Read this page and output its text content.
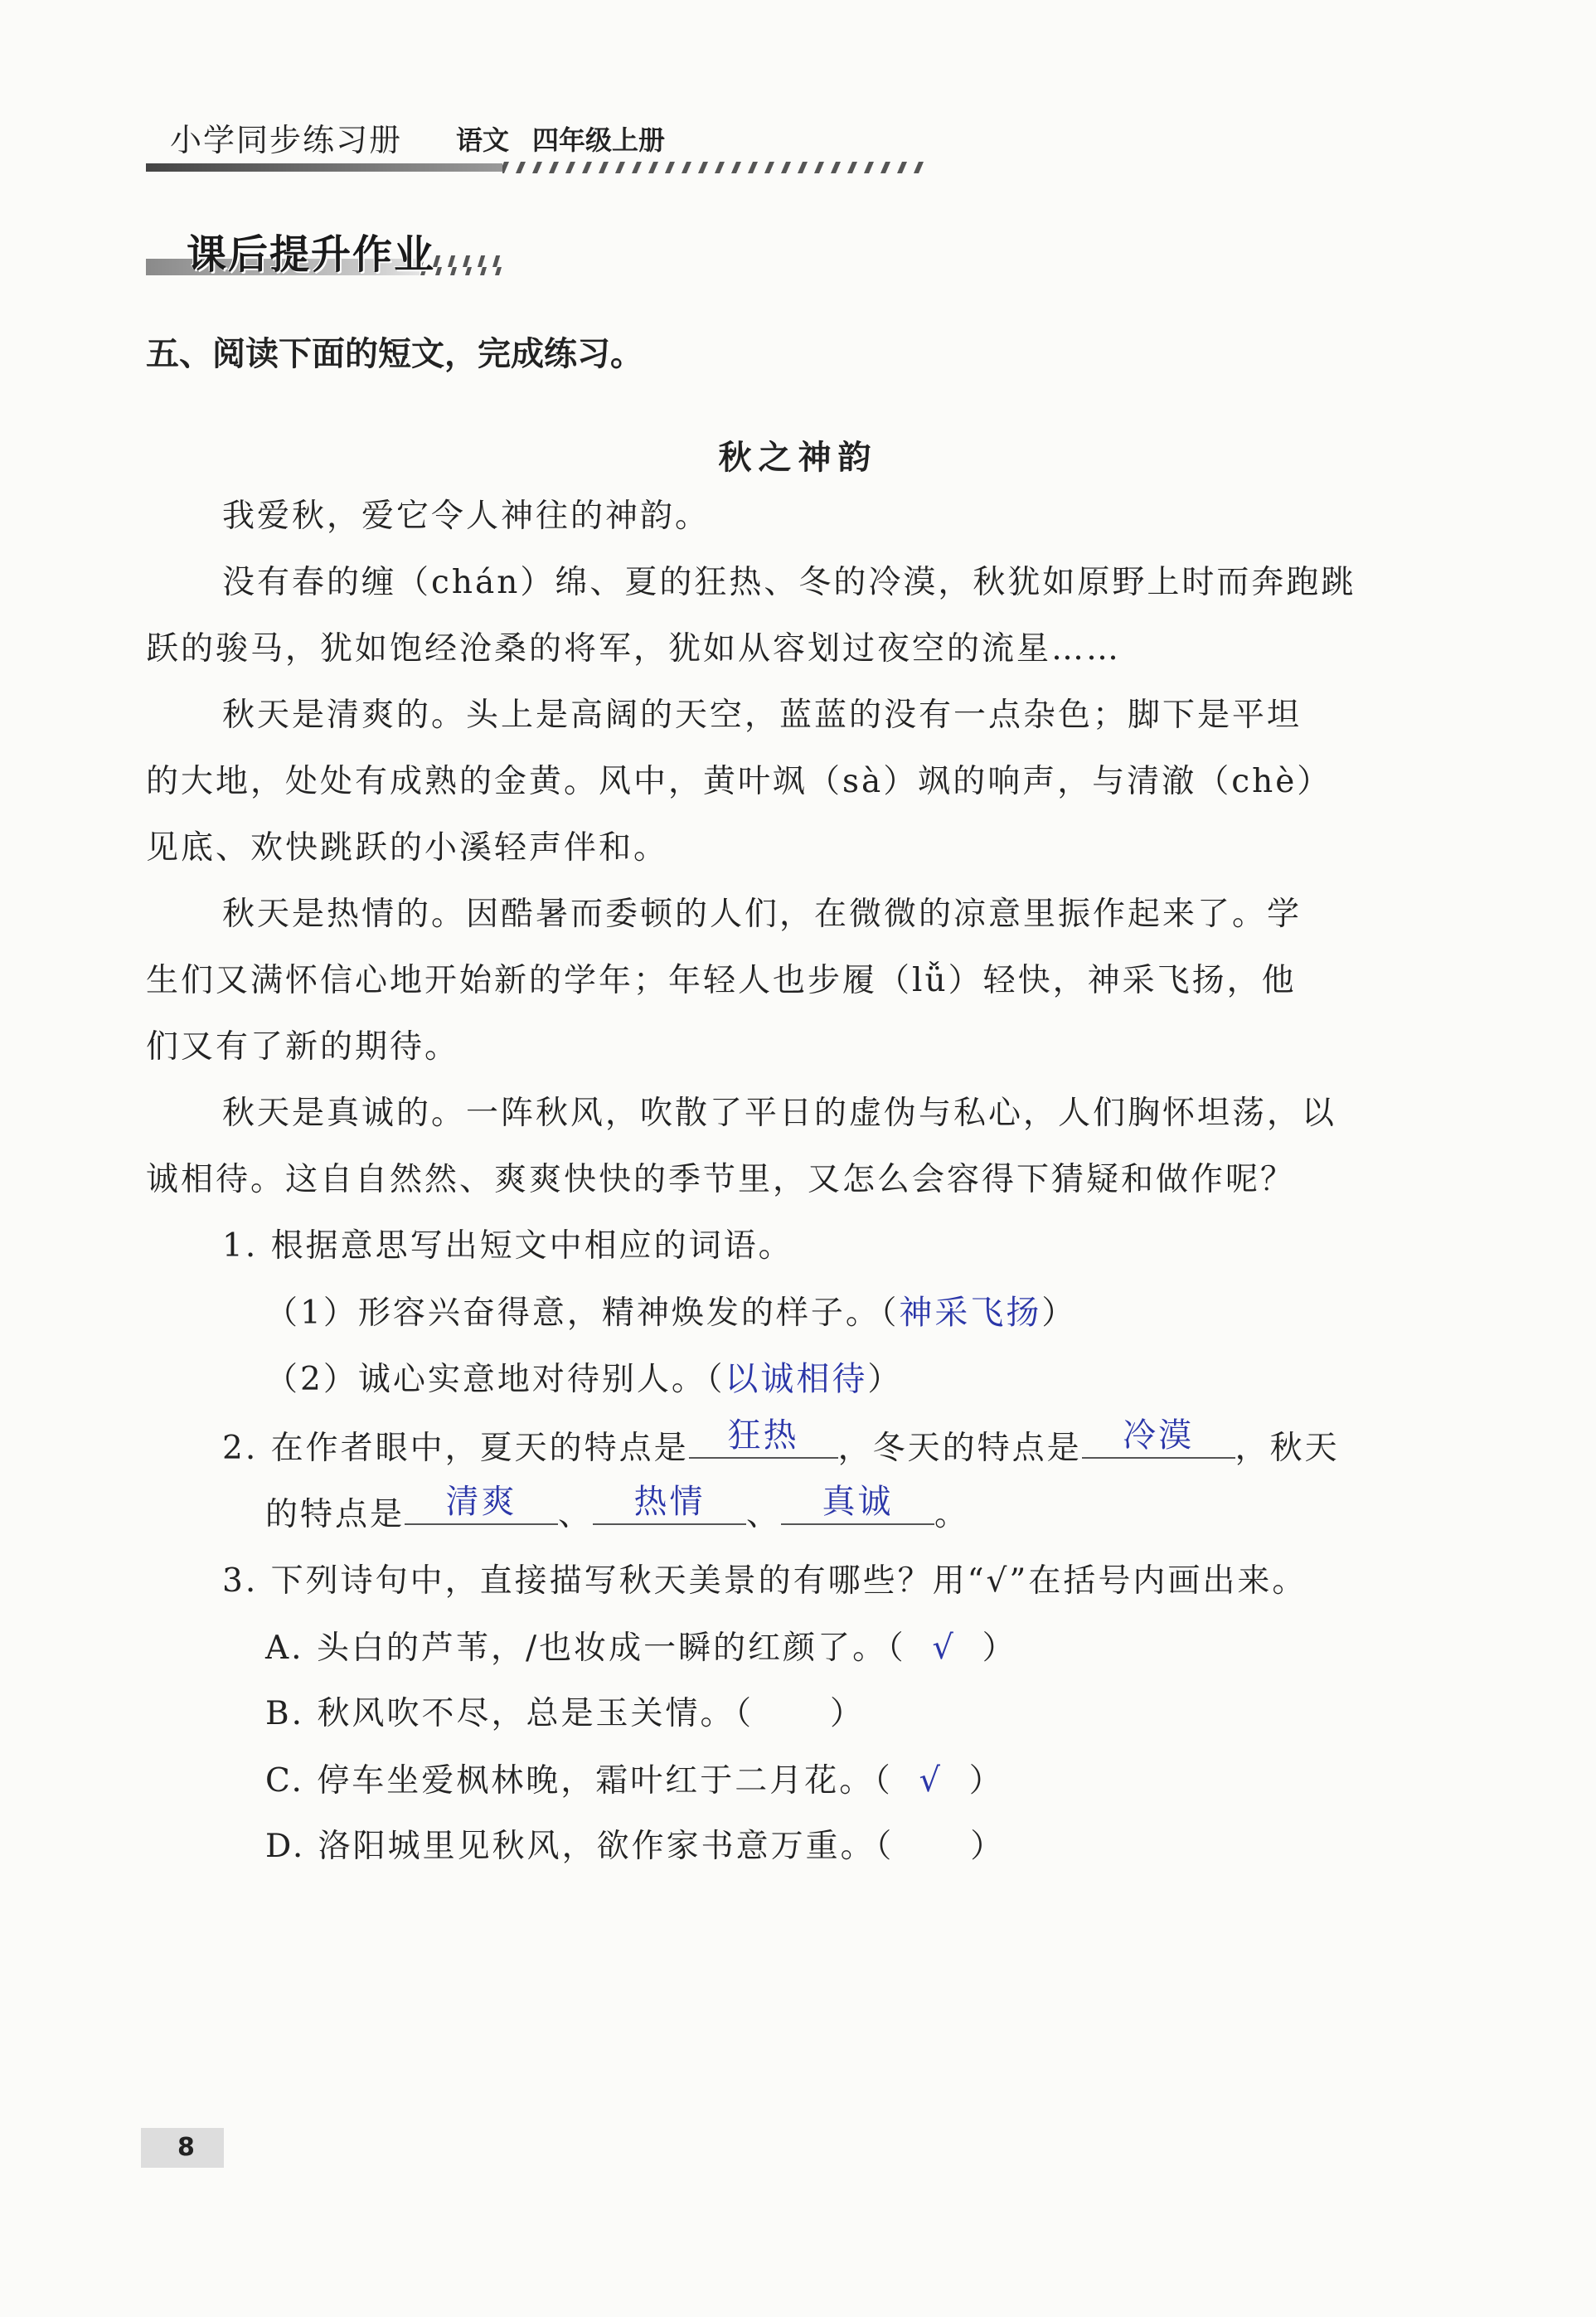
小学同步练习册 语文 四年级上册
课后提升作业
五、阅读下面的短文，完成练习。
秋之神韵
我爱秋，爱它令人神往的神韵。
没有春的缠（chán）绵、夏的狂热、冬的冷漠，秋犹如原野上时而奔跑跳
跃的骏马，犹如饱经沧桑的将军，犹如从容划过夜空的流星……
秋天是清爽的。头上是高阔的天空，蓝蓝的没有一点杂色；脚下是平坦
的大地，处处有成熟的金黄。风中，黄叶飒（sà）飒的响声，与清澈（chè）
见底、欢快跳跃的小溪轻声伴和。
秋天是热情的。因酷暑而委顿的人们，在微微的凉意里振作起来了。学
生们又满怀信心地开始新的学年；年轻人也步履（lǚ）轻快，神采飞扬，他
们又有了新的期待。
秋天是真诚的。一阵秋风，吹散了平日的虚伪与私心，人们胸怀坦荡，以
诚相待。这自自然然、爽爽快快的季节里，又怎么会容得下猜疑和做作呢？
1. 根据意思写出短文中相应的词语。
（1）形容兴奋得意，精神焕发的样子。（神采飞扬）
（2）诚心实意地对待别人。（以诚相待）
2. 在作者眼中，夏天的特点是	狂热	，冬天的特点是	冷漠	，秋天
的特点是	清爽	、	热情	、	真诚	。
3. 下列诗句中，直接描写秋天美景的有哪些？用“√”在括号内画出来。
A. 头白的芦苇，/也妆成一瞬的红颜了。（ √ ）
B. 秋风吹不尽，总是玉关情。（ ）
C. 停车坐爱枫林晚，霜叶红于二月花。（ √ ）
D. 洛阳城里见秋风，欲作家书意万重。（ ）
8
